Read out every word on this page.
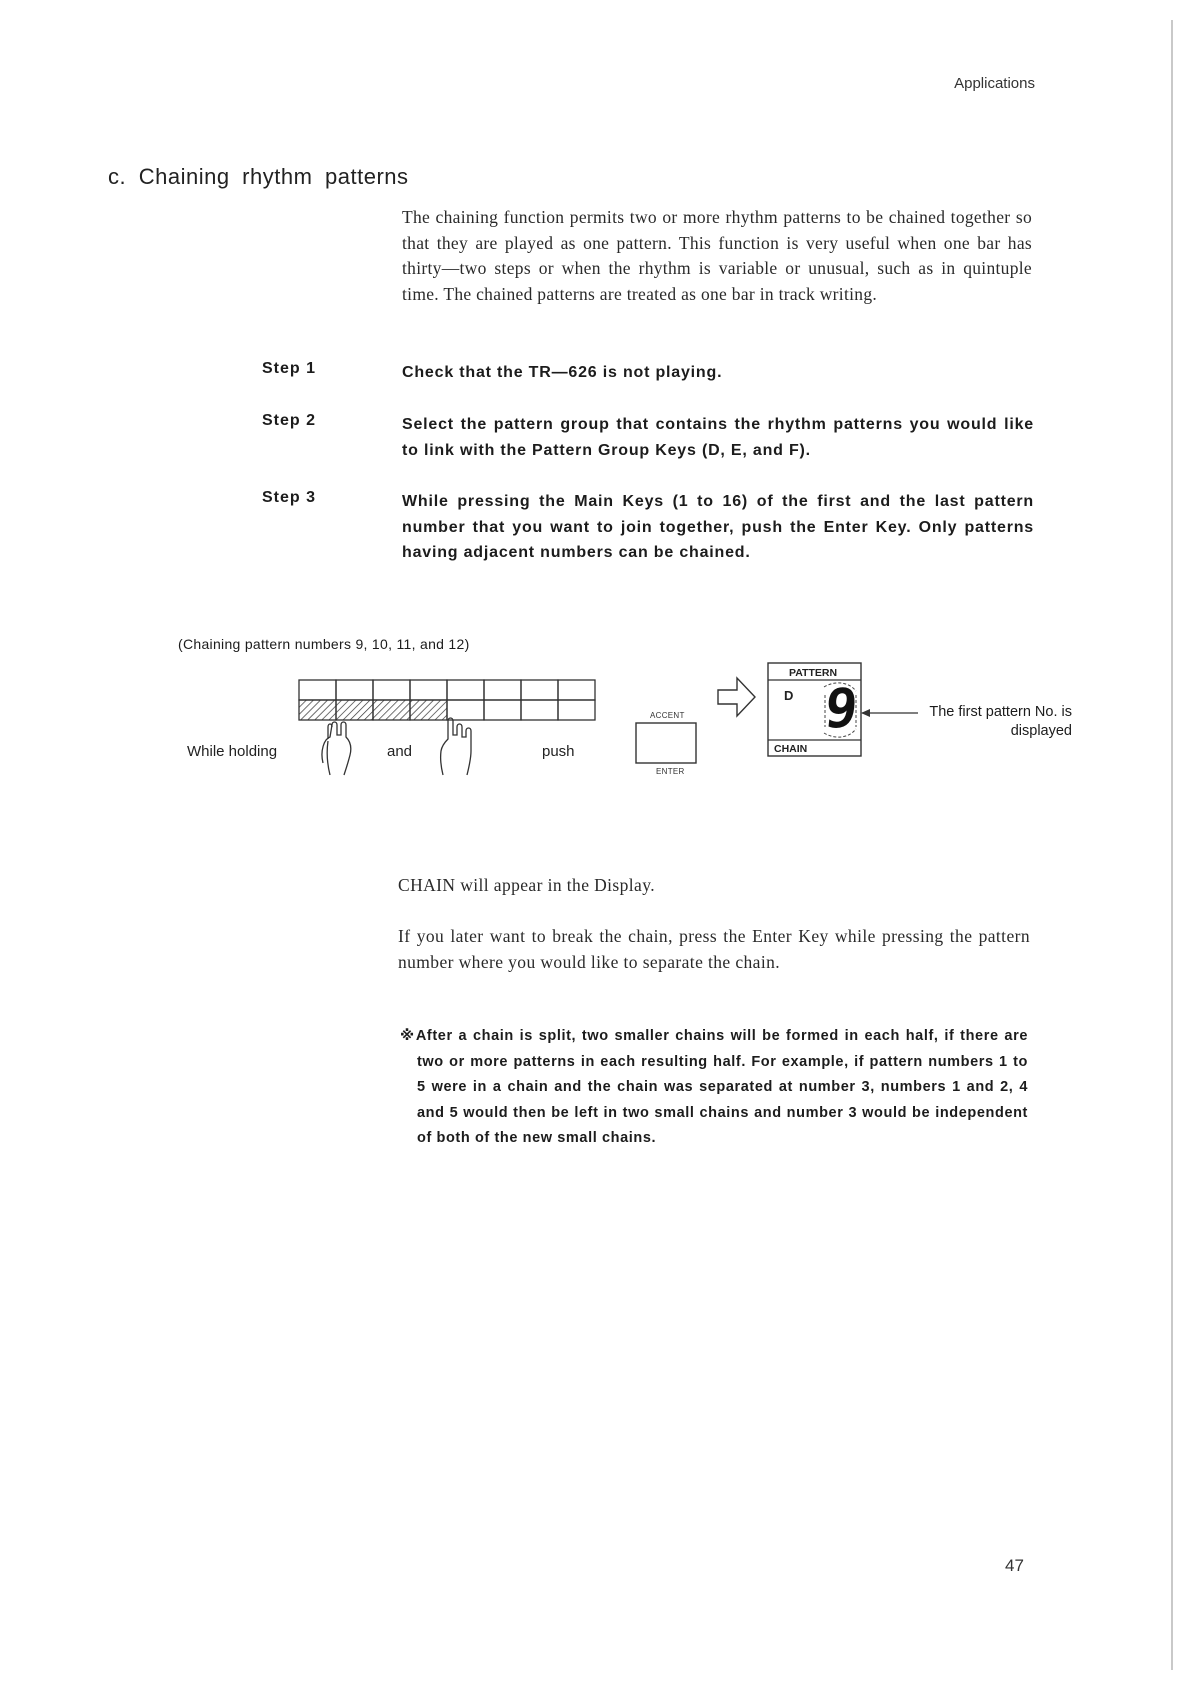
Applications
c. Chaining rhythm patterns

The chaining function permits two or more rhythm patterns to be chained together so that they are played as one pattern. This function is very useful when one bar has thirty—two steps or when the rhythm is variable or unusual, such as in quintuple time. The chained patterns are treated as one bar in track writing.

Step 1	Check that the TR—626 is not playing.
Step 2	Select the pattern group that contains the rhythm patterns you would like to link with the Pattern Group Keys (D, E, and F).
Step 3	While pressing the Main Keys (1 to 16) of the first and the last pattern number that you want to join together, push the Enter Key. Only patterns having adjacent numbers can be chained.
(Chaining pattern numbers 9, 10, 11, and 12)
While holding	and	push
ACCENT
ENTER
PATTERN
D 9
CHAIN
The first pattern No. is displayed

CHAIN will appear in the Display.

If you later want to break the chain, press the Enter Key while pressing the pattern number where you would like to separate the chain.

※After a chain is split, two smaller chains will be formed in each half, if there are two or more patterns in each resulting half. For example, if pattern numbers 1 to 5 were in a chain and the chain was separated at number 3, numbers 1 and 2, 4 and 5 would then be left in two small chains and number 3 would be independent of both of the new small chains.

47
